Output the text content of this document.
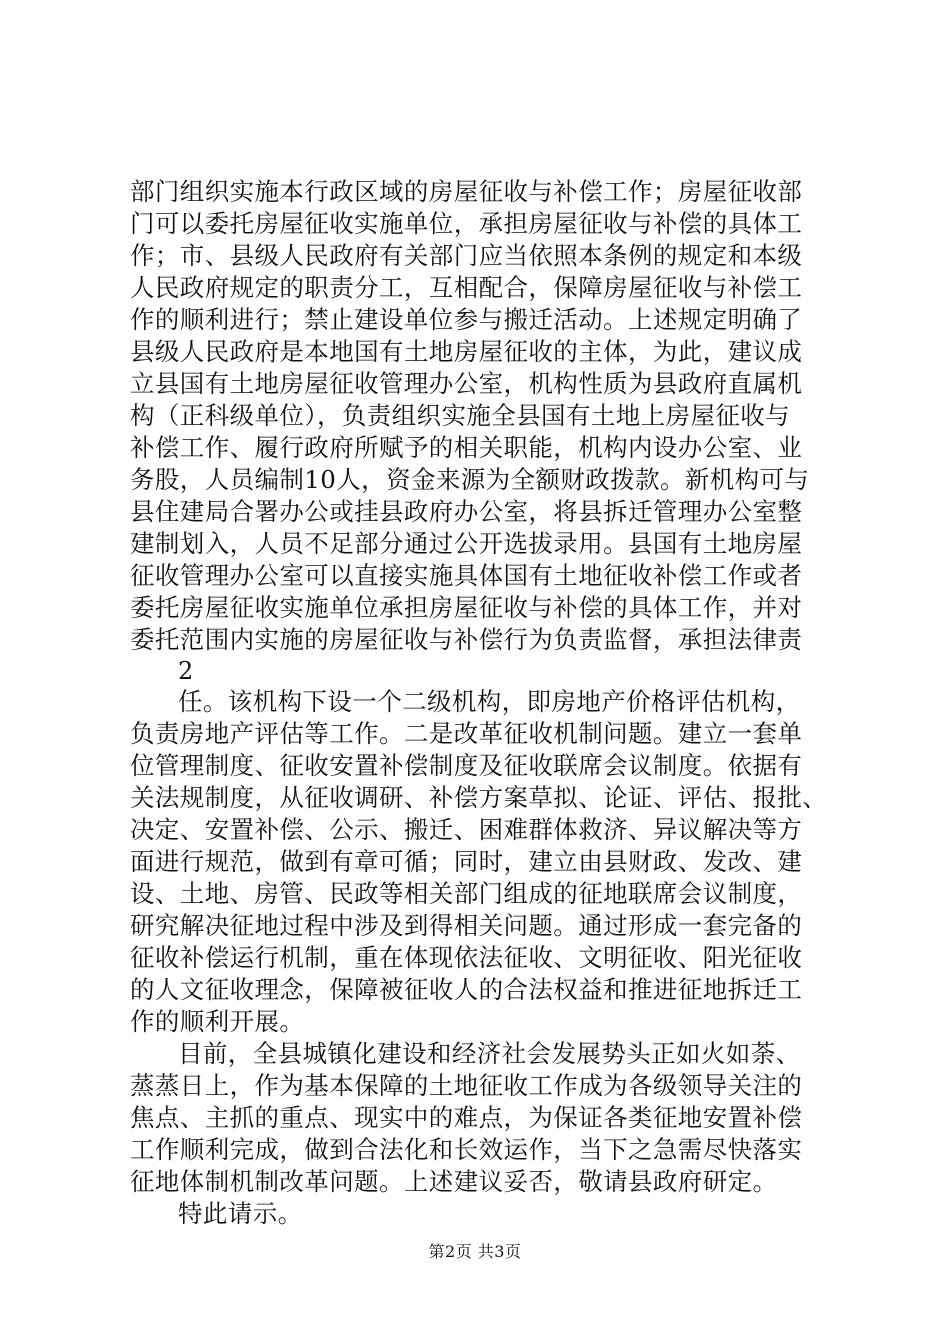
部门组织实施本行政区域的房屋征收与补偿工作；房屋征收部
门可以委托房屋征收实施单位，承担房屋征收与补偿的具体工
作；市、县级人民政府有关部门应当依照本条例的规定和本级
人民政府规定的职责分工，互相配合，保障房屋征收与补偿工
作的顺利进行；禁止建设单位参与搬迁活动。上述规定明确了
县级人民政府是本地国有土地房屋征收的主体，为此，建议成
立县国有土地房屋征收管理办公室，机构性质为县政府直属机
构（正科级单位），负责组织实施全县国有土地上房屋征收与
补偿工作、履行政府所赋予的相关职能，机构内设办公室、业
务股，人员编制10人，资金来源为全额财政拨款。新机构可与
县住建局合署办公或挂县政府办公室，将县拆迁管理办公室整
建制划入，人员不足部分通过公开选拔录用。县国有土地房屋
征收管理办公室可以直接实施具体国有土地征收补偿工作或者
委托房屋征收实施单位承担房屋征收与补偿的具体工作，并对
委托范围内实施的房屋征收与补偿行为负责监督，承担法律责
2
任。该机构下设一个二级机构，即房地产价格评估机构，
负责房地产评估等工作。二是改革征收机制问题。建立一套单
位管理制度、征收安置补偿制度及征收联席会议制度。依据有
关法规制度，从征收调研、补偿方案草拟、论证、评估、报批、
决定、安置补偿、公示、搬迁、困难群体救济、异议解决等方
面进行规范，做到有章可循；同时，建立由县财政、发改、建
设、土地、房管、民政等相关部门组成的征地联席会议制度，
研究解决征地过程中涉及到得相关问题。通过形成一套完备的
征收补偿运行机制，重在体现依法征收、文明征收、阳光征收
的人文征收理念，保障被征收人的合法权益和推进征地拆迁工
作的顺利开展。
目前，全县城镇化建设和经济社会发展势头正如火如荼、
蒸蒸日上，作为基本保障的土地征收工作成为各级领导关注的
焦点、主抓的重点、现实中的难点，为保证各类征地安置补偿
工作顺利完成，做到合法化和长效运作，当下之急需尽快落实
征地体制机制改革问题。上述建议妥否，敬请县政府研定。
特此请示。
第2页 共3页
